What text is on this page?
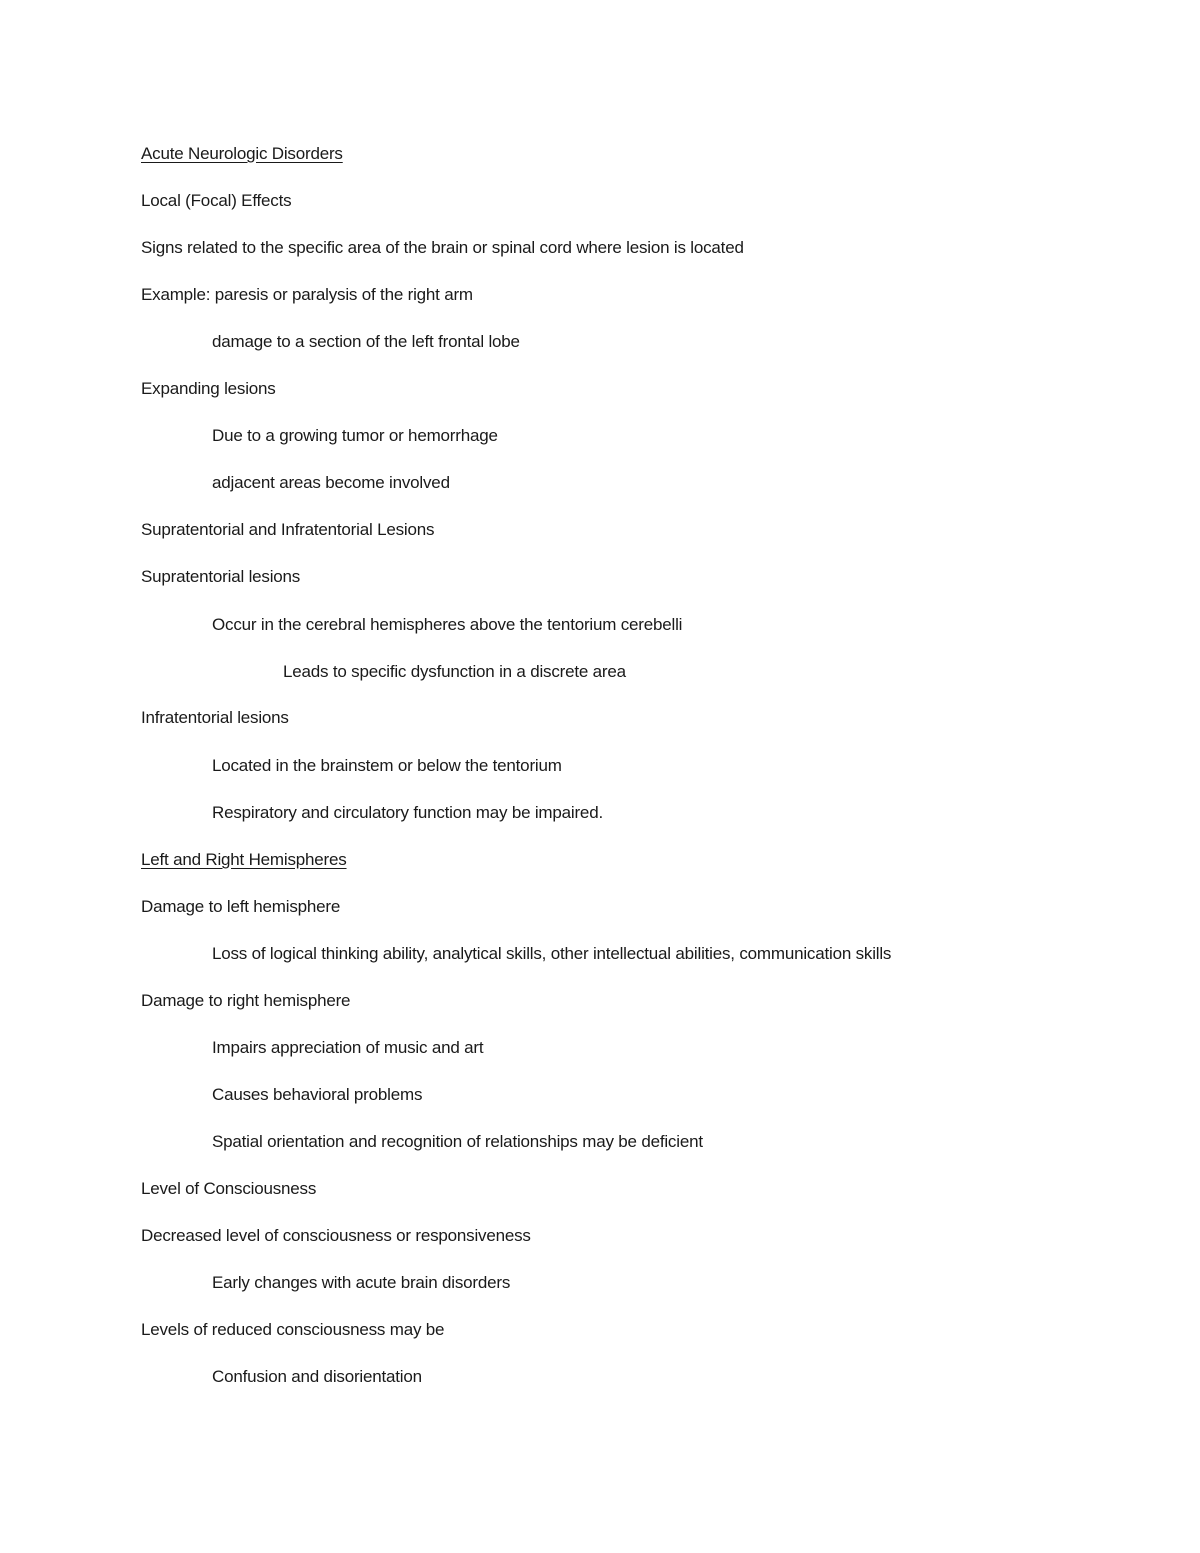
Acute Neurologic Disorders
Local (Focal) Effects
Signs related to the specific area of the brain or spinal cord where lesion is located
Example: paresis or paralysis of the right arm
damage to a section of the left frontal lobe
Expanding lesions
Due to a growing tumor or hemorrhage
adjacent areas become involved
Supratentorial and Infratentorial Lesions
Supratentorial lesions
Occur in the cerebral hemispheres above the tentorium cerebelli
Leads to specific dysfunction in a discrete area
Infratentorial lesions
Located in the brainstem or below the tentorium
Respiratory and circulatory function may be impaired.
Left and Right Hemispheres
Damage to left hemisphere
Loss of logical thinking ability, analytical skills, other intellectual abilities, communication skills
Damage to right hemisphere
Impairs appreciation of music and art
Causes behavioral problems
Spatial orientation and recognition of relationships may be deficient
Level of Consciousness
Decreased level of consciousness or responsiveness
Early changes with acute brain disorders
Levels of reduced consciousness may be
Confusion and disorientation
